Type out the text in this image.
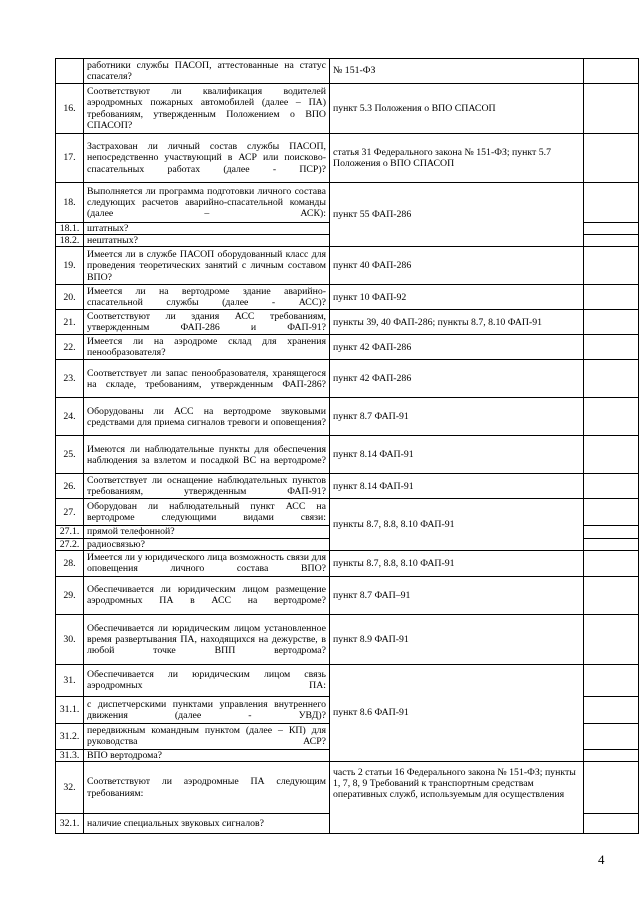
	работники службы ПАСОП, аттестованные на статус спасателя?	№ 151-ФЗ	
16.	Соответствуют ли квалификация водителей аэродромных пожарных автомобилей (далее – ПА) требованиям, утвержденным Положением о ВПО СПАСОП?	пункт 5.3 Положения о ВПО СПАСОП	
17.	Застрахован ли личный состав службы ПАСОП, непосредственно участвующий в АСР или поисково-спасательных работах (далее - ПСР)?	статья 31 Федерального закона № 151-ФЗ; пункт 5.7 Положения о ВПО СПАСОП	
18.	Выполняется ли программа подготовки личного состава следующих расчетов аварийно-спасательной команды (далее – АСК):	пункт 55 ФАП-286	
18.1.	штатных?		
18.2.	нештатных?		
19.	Имеется ли в службе ПАСОП оборудованный класс для проведения теоретических занятий с личным составом ВПО?	пункт 40 ФАП-286	
20.	Имеется ли на вертодроме здание аварийно-спасательной службы (далее - АСС)?	пункт 10 ФАП-92	
21.	Соответствуют ли здания АСС требованиям, утвержденным ФАП-286 и ФАП-91?	пункты 39, 40 ФАП-286; пункты 8.7, 8.10 ФАП-91	
22.	Имеется ли на аэродроме склад для хранения пенообразователя?	пункт 42 ФАП-286	
23.	Соответствует ли запас пенообразователя, хранящегося на складе, требованиям, утвержденным ФАП-286?	пункт 42 ФАП-286	
24.	Оборудованы ли АСС на вертодроме звуковыми средствами для приема сигналов тревоги и оповещения?	пункт 8.7 ФАП-91	
25.	Имеются ли наблюдательные пункты для обеспечения наблюдения за взлетом и посадкой ВС на вертодроме?	пункт 8.14 ФАП-91	
26.	Соответствует ли оснащение наблюдательных пунктов требованиям, утвержденным ФАП-91?	пункт 8.14 ФАП-91	
27.	Оборудован ли наблюдательный пункт АСС на вертодроме следующими видами связи:	пункты 8.7, 8.8, 8.10 ФАП-91	
27.1.	прямой телефонной?		
27.2.	радиосвязью?		
28.	Имеется ли у юридического лица возможность связи для оповещения личного состава ВПО?	пункты 8.7, 8.8, 8.10 ФАП-91	
29.	Обеспечивается ли юридическим лицом размещение аэродромных ПА в АСС на вертодроме?	пункт 8.7 ФАП–91	
30.	Обеспечивается ли юридическим лицом установленное время развертывания ПА, находящихся на дежурстве, в любой точке ВПП вертодрома?	пункт 8.9 ФАП-91	
31.	Обеспечивается ли юридическим лицом связь аэродромных ПА:	пункт 8.6 ФАП-91	
31.1.	с диспетчерскими пунктами управления внутреннего движения (далее - УВД)?		
31.2.	передвижным командным пунктом (далее – КП) для руководства АСР?		
31.3.	ВПО вертодрома?		
32.	Соответствуют ли аэродромные ПА следующим требованиям:	часть 2 статьи 16 Федерального закона № 151-ФЗ; пункты 1, 7, 8, 9 Требований к транспортным средствам оперативных служб, используемым для осуществления	
32.1.	наличие специальных звуковых сигналов?		
4
